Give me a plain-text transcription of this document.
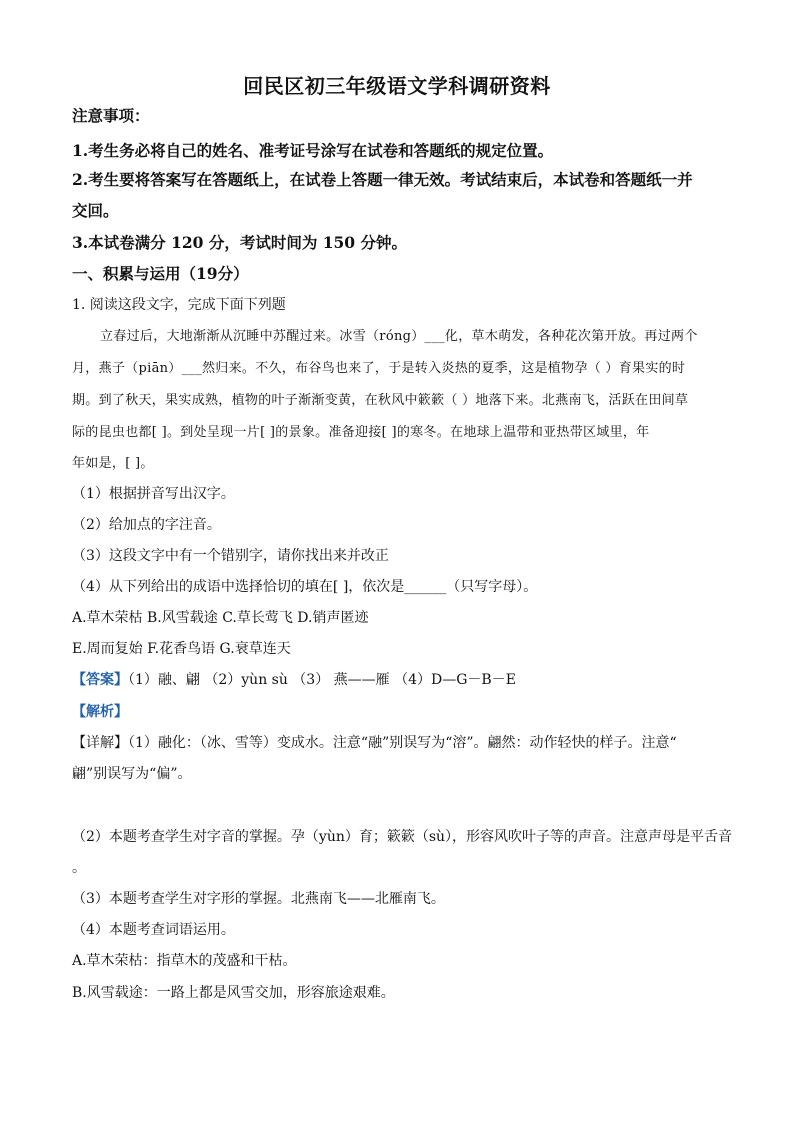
回民区初三年级语文学科调研资料
注意事项：
1.考生务必将自己的姓名、准考证号涂写在试卷和答题纸的规定位置。
2.考生要将答案写在答题纸上，在试卷上答题一律无效。考试结束后，本试卷和答题纸一并
交回。
3.本试卷满分 120 分，考试时间为 150 分钟。
一、积累与运用（19分）
1. 阅读这段文字，完成下面下列题
立春过后，大地渐渐从沉睡中苏醒过来。冰雪（róng）___化，草木萌发，各种花次第开放。再过两个
月，燕子（piān）___然归来。不久，布谷鸟也来了，于是转入炎热的夏季，这是植物孕（ ）育果实的时
期。到了秋天，果实成熟，植物的叶子渐渐变黄，在秋风中簌簌（ ）地落下来。北燕南飞，活跃在田间草
际的昆虫也都[ ]。到处呈现一片[ ]的景象。准备迎接[ ]的寒冬。在地球上温带和亚热带区域里，年
年如是，[ ]。
（1）根据拼音写出汉字。
（2）给加点的字注音。
（3）这段文字中有一个错别字，请你找出来并改正
（4）从下列给出的成语中选择恰切的填在[ ]，依次是______（只写字母）。
A.草木荣枯 B.风雪载途 C.草长莺飞 D.销声匿迹
E.周而复始 F.花香鸟语 G.衰草连天
【答案】（1）融、翩 （2）yùn sù （3） 燕——雁 （4）D—G－B－E
【解析】
【详解】（1）融化：（冰、雪等）变成水。注意“融”别误写为“溶”。翩然：动作轻快的样子。注意“
翩”别误写为“偏”。
（2）本题考查学生对字音的掌握。孕（yùn）育；簌簌（sù），形容风吹叶子等的声音。注意声母是平舌音
。
（3）本题考查学生对字形的掌握。北燕南飞——北雁南飞。
（4）本题考查词语运用。
A.草木荣枯：指草木的茂盛和干枯。
B.风雪载途：一路上都是风雪交加，形容旅途艰难。
